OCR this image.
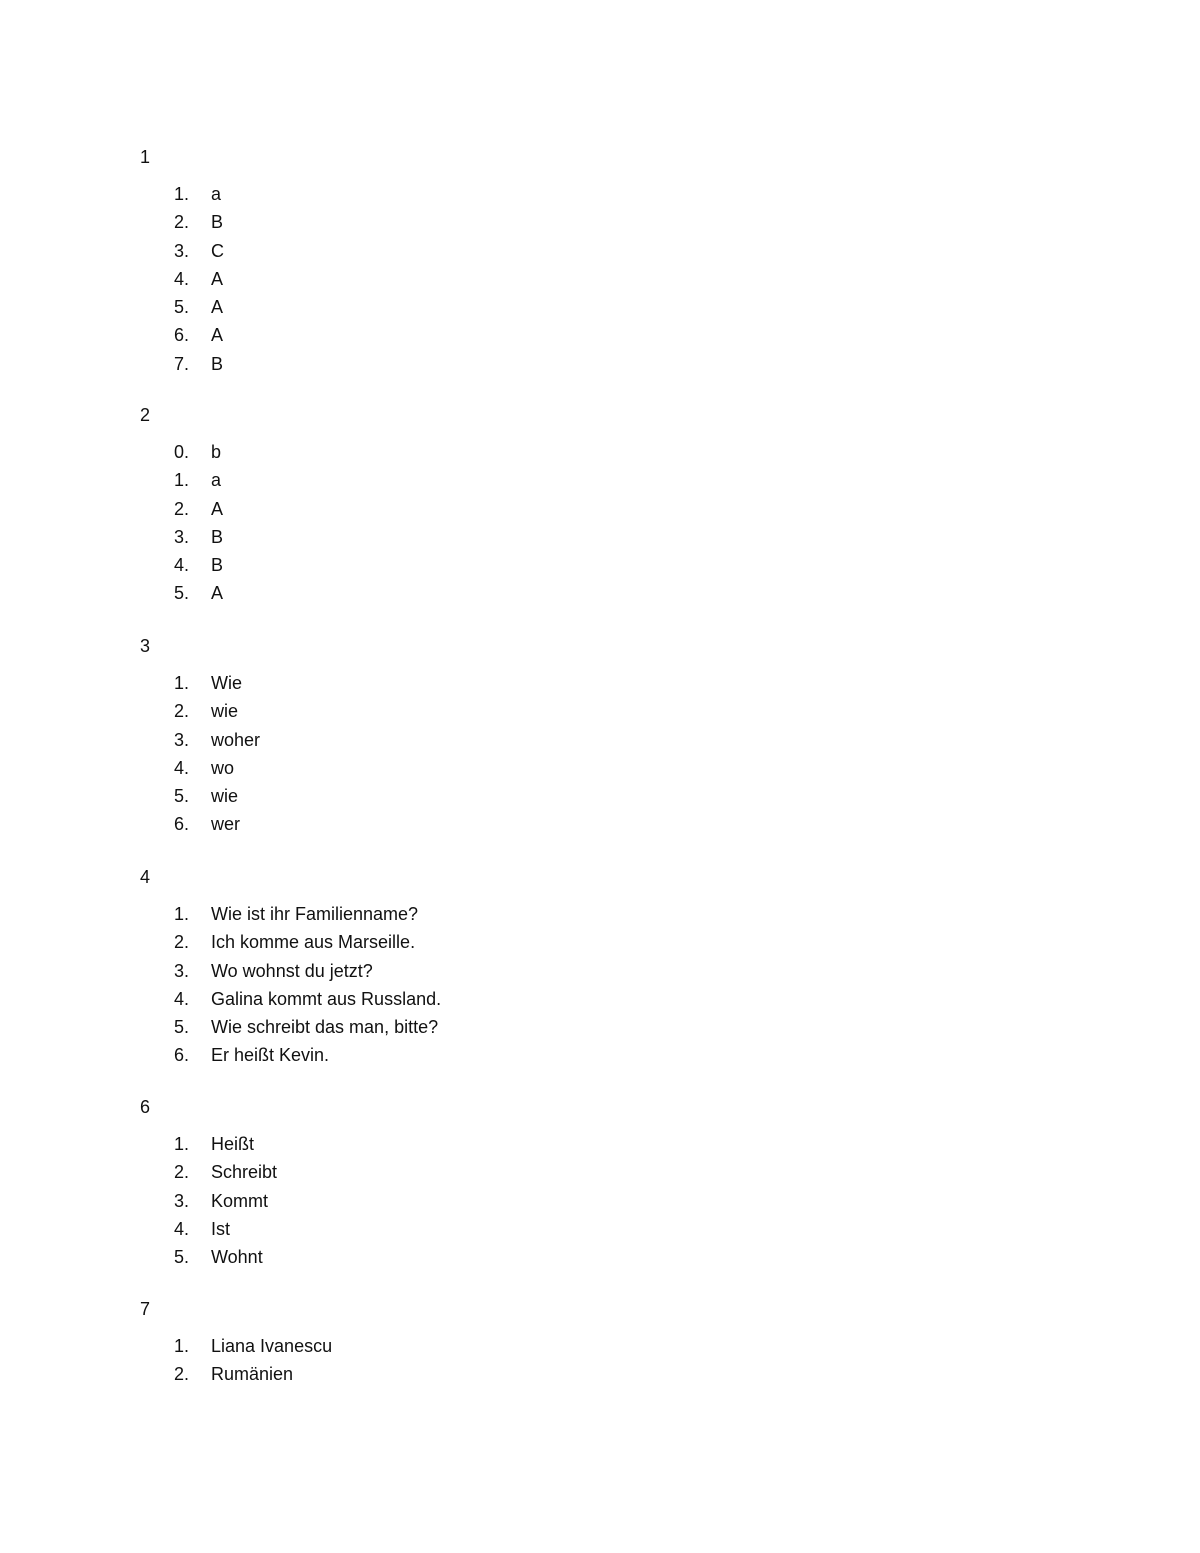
1

1.	a
2.	B
3.	C
4.	A
5.	A
6.	A
7.	B

2

0.	b
1.	a
2.	A
3.	B
4.	B
5.	A

3

1.	Wie
2.	wie
3.	woher
4.	wo
5.	wie
6.	wer

4

1.	Wie ist ihr Familienname?
2.	Ich komme aus Marseille.
3.	Wo wohnst du jetzt?
4.	Galina kommt aus Russland.
5.	Wie schreibt das man, bitte?
6.	Er heißt Kevin.

6

1.	Heißt
2.	Schreibt
3.	Kommt
4.	Ist
5.	Wohnt

7

1.	Liana Ivanescu
2.	Rumänien
